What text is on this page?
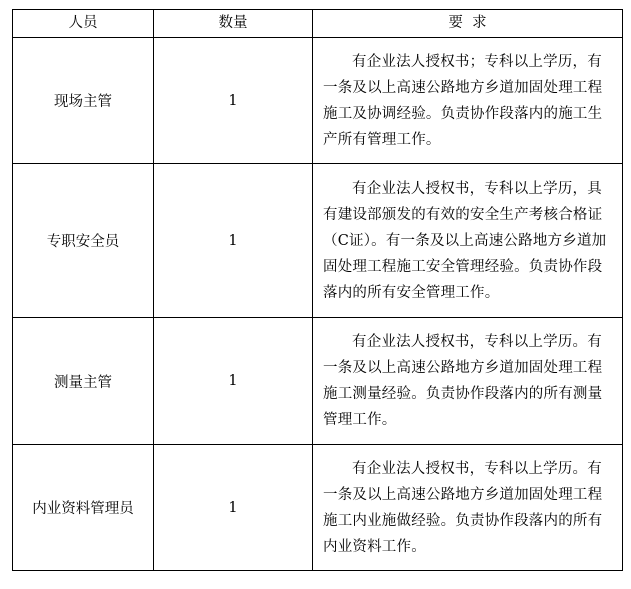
人员	数量	要  求
现场主管	1	有企业法人授权书；专科以上学历，有一条及以上高速公路地方乡道加固处理工程施工及协调经验。负责协作段落内的施工生产所有管理工作。

专职安全员	1	有企业法人授权书，专科以上学历，具有建设部颁发的有效的安全生产考核合格证（C证）。有一条及以上高速公路地方乡道加固处理工程施工安全管理经验。负责协作段落内的所有安全管理工作。

测量主管	1	有企业法人授权书，专科以上学历。有一条及以上高速公路地方乡道加固处理工程施工测量经验。负责协作段落内的所有测量管理工作。

内业资料管理员	1	有企业法人授权书，专科以上学历。有一条及以上高速公路地方乡道加固处理工程施工内业施做经验。负责协作段落内的所有内业资料工作。
